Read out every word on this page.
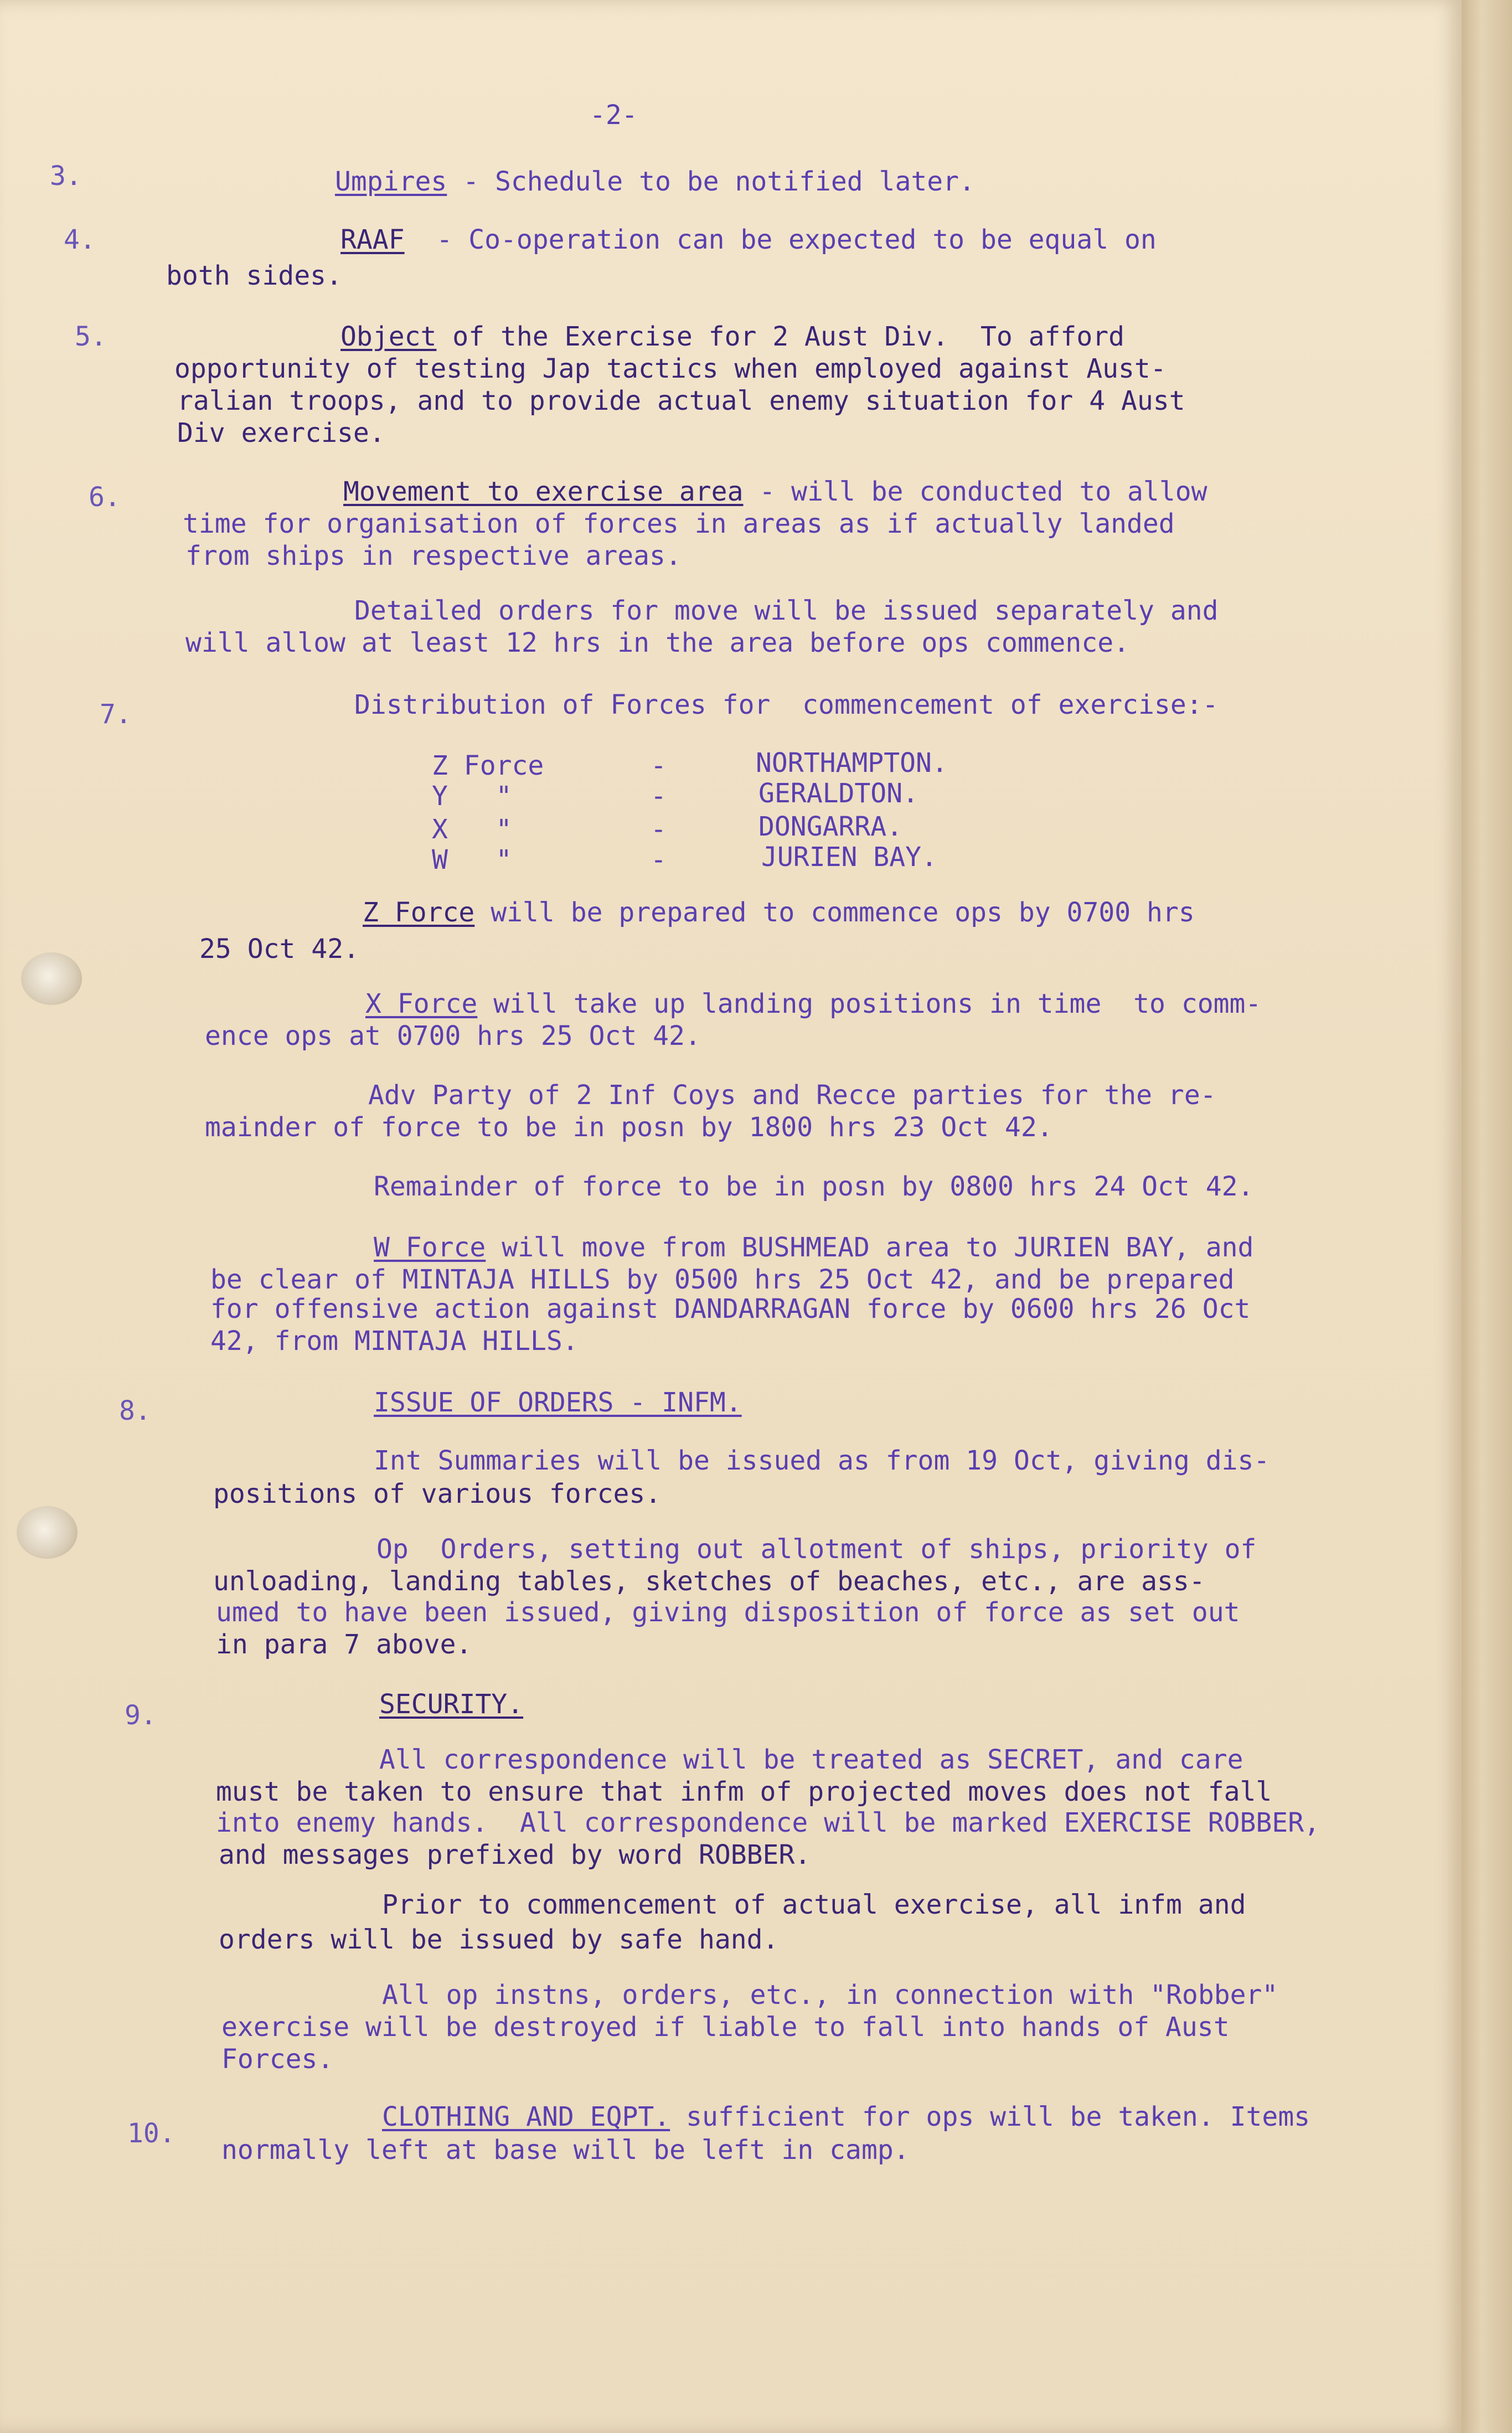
-2-
3.	Umpires - Schedule to be notified later.
4.	RAAF  - Co-operation can be expected to be equal on
both sides.
5.	Object of the Exercise for 2 Aust Div.  To afford
opportunity of testing Jap tactics when employed against Aust-
ralian troops, and to provide actual enemy situation for 4 Aust
Div exercise.
6.	Movement to exercise area - will be conducted to allow
time for organisation of forces in areas as if actually landed
from ships in respective areas.
Detailed orders for move will be issued separately and
will allow at least 12 hrs in the area before ops commence.
7.	Distribution of Forces for  commencement of exercise:-
Z Force	-	NORTHAMPTON.
Y   "	-	GERALDTON.
X   "	-	DONGARRA.
W   "	-	JURIEN BAY.
Z Force will be prepared to commence ops by 0700 hrs
25 Oct 42.
X Force will take up landing positions in time  to comm-
ence ops at 0700 hrs 25 Oct 42.
Adv Party of 2 Inf Coys and Recce parties for the re-
mainder of force to be in posn by 1800 hrs 23 Oct 42.
Remainder of force to be in posn by 0800 hrs 24 Oct 42.
W Force will move from BUSHMEAD area to JURIEN BAY, and
be clear of MINTAJA HILLS by 0500 hrs 25 Oct 42, and be prepared
for offensive action against DANDARRAGAN force by 0600 hrs 26 Oct
42, from MINTAJA HILLS.
8.	ISSUE OF ORDERS - INFM.
Int Summaries will be issued as from 19 Oct, giving dis-
positions of various forces.
Op  Orders, setting out allotment of ships, priority of
unloading, landing tables, sketches of beaches, etc., are ass-
umed to have been issued, giving disposition of force as set out
in para 7 above.
9.	SECURITY.
All correspondence will be treated as SECRET, and care
must be taken to ensure that infm of projected moves does not fall
into enemy hands.  All correspondence will be marked EXERCISE ROBBER,
and messages prefixed by word ROBBER.
Prior to commencement of actual exercise, all infm and
orders will be issued by safe hand.
All op instns, orders, etc., in connection with "Robber"
exercise will be destroyed if liable to fall into hands of Aust
Forces.
10.
CLOTHING AND EQPT. sufficient for ops will be taken. Items
normally left at base will be left in camp.
